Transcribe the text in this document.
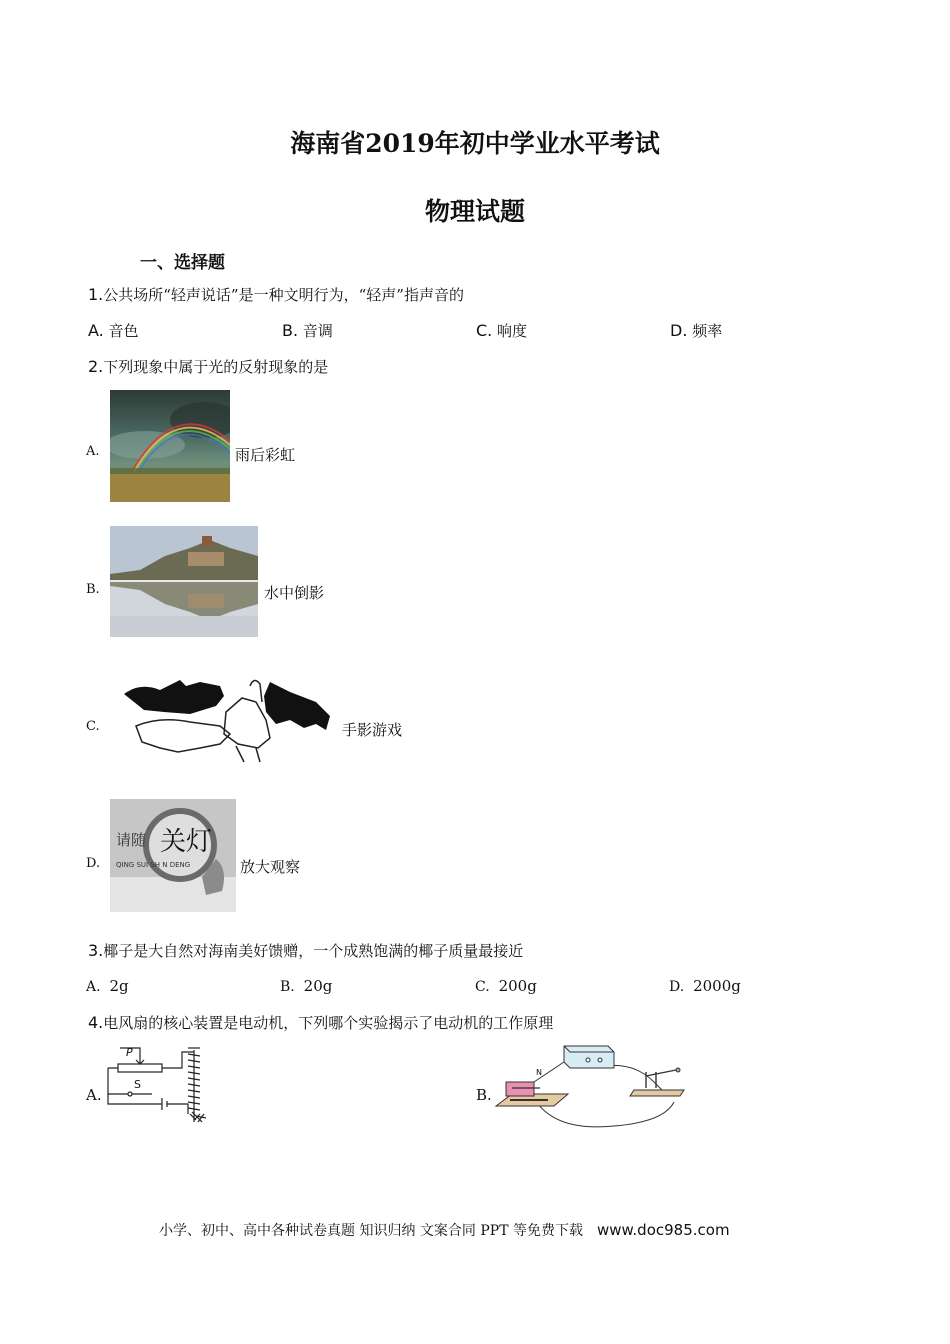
海南省2019年初中学业水平考试
物理试题
一、选择题
1.公共场所“轻声说话”是一种文明行为，“轻声”指声音的
A. 音色	B. 音调	C. 响度	D. 频率
2.下列现象中属于光的反射现象的是
A.	雨后彩虹
B.	水中倒影
C.	手影游戏
D.
请随 关灯
QING SUI SH N DENG	放大观察
3.椰子是大自然对海南美好馈赠，一个成熟饱满的椰子质量最接近
A. 2g	B. 20g	C. 200g	D. 2000g
4.电风扇的核心装置是电动机，下列哪个实验揭示了电动机的工作原理
A.
P
S
B.
N
小学、初中、高中各种试卷真题 知识归纳 文案合同 PPT 等免费下载 www.doc985.com
